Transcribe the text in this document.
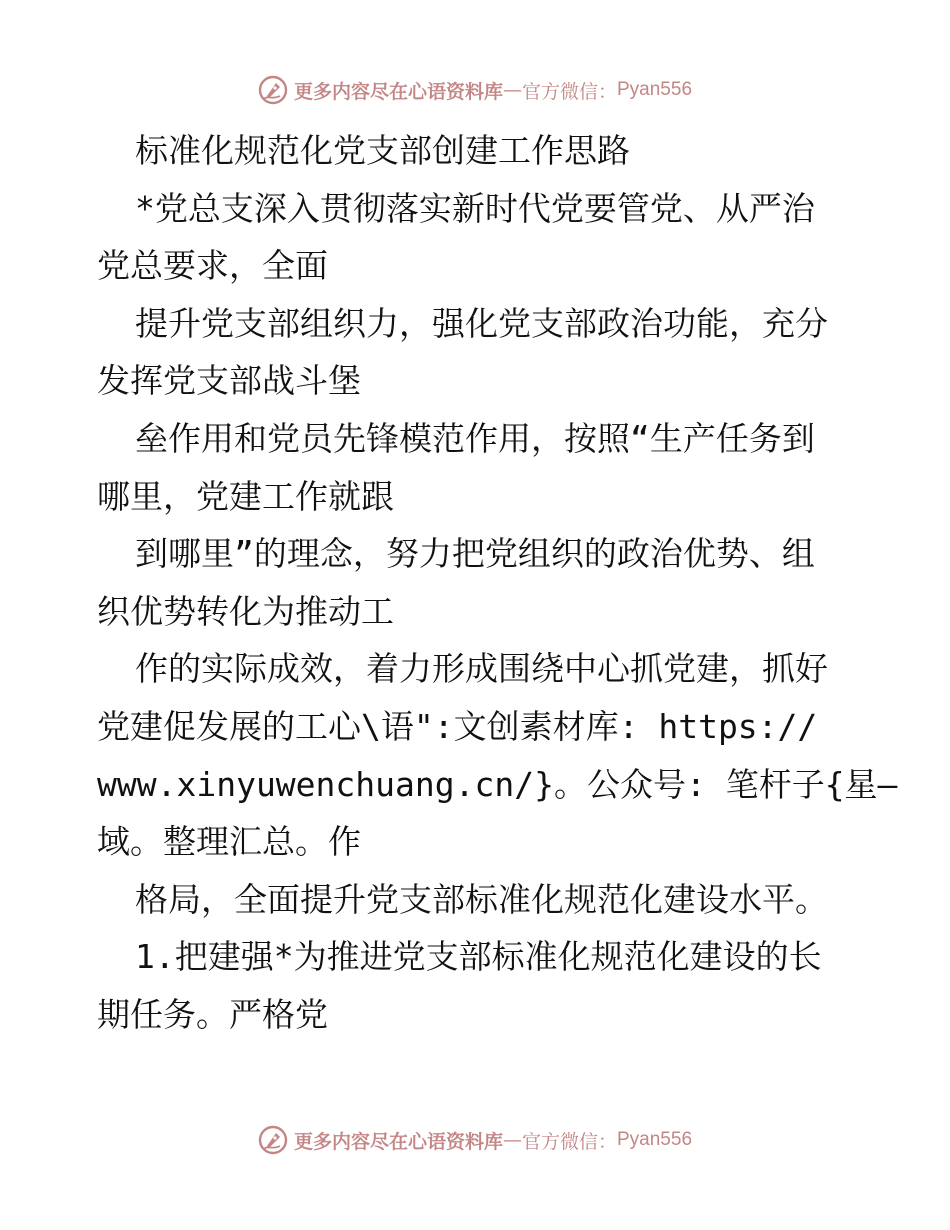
更多内容尽在心语资料库 — 官方微信： Pyan556
标准化规范化党支部创建工作思路
*党总支深入贯彻落实新时代党要管党、从严治
党总要求，全面
提升党支部组织力，强化党支部政治功能，充分
发挥党支部战斗堡
垒作用和党员先锋模范作用，按照“生产任务到
哪里，党建工作就跟
到哪里”的理念，努力把党组织的政治优势、组
织优势转化为推动工
作的实际成效，着力形成围绕中心抓党建，抓好
党建促发展的工心\语":文创素材库: https://
www.xinyuwenchuang.cn/}。公众号: 笔杆子{星—
域。整理汇总。作
格局，全面提升党支部标准化规范化建设水平。
1.把建强*为推进党支部标准化规范化建设的长
期任务。严格党
更多内容尽在心语资料库 — 官方微信： Pyan556
